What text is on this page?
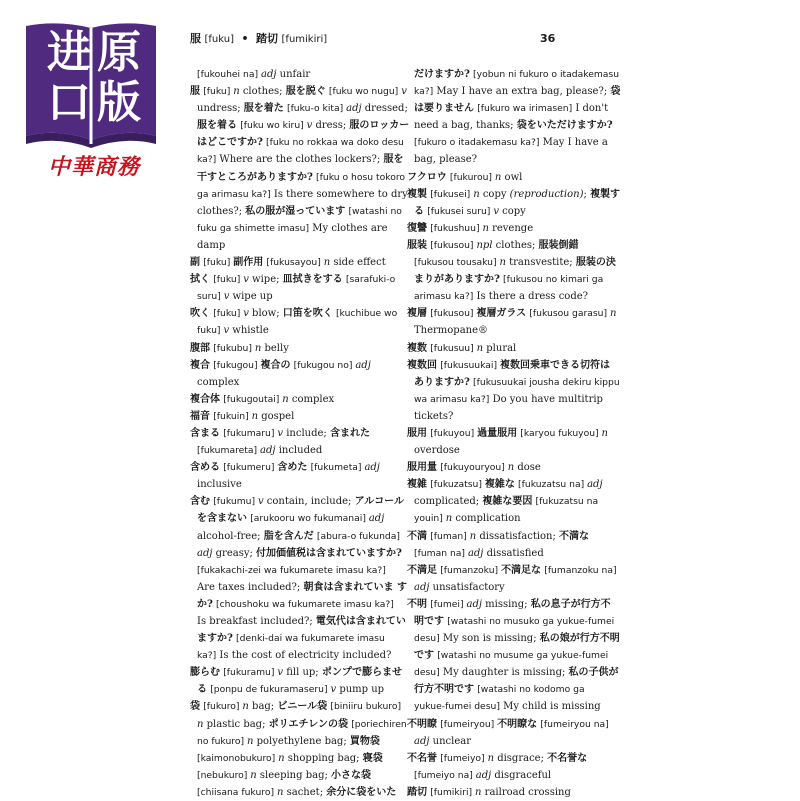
进 原
口 版
中華商務
服 [fuku] • 踏切 [fumikiri]	36
[fukouhei na] adj unfair
服 [fuku] n clothes; 服を脱ぐ [fuku wo nugu] v
undress; 服を着た [fuku-o kita] adj dressed;
服を着る [fuku wo kiru] v dress; 服のロッカー
はどこですか? [fuku no rokkaa wa doko desu
ka?] Where are the clothes lockers?; 服を
干すところがありますか? [fuku o hosu tokoro
ga arimasu ka?] Is there somewhere to dry
clothes?; 私の服が湿っています [watashi no
fuku ga shimette imasu] My clothes are
damp
副 [fuku] 副作用 [fukusayou] n side effect
拭く [fuku] v wipe; 皿拭きをする [sarafuki-o
suru] v wipe up
吹く [fuku] v blow; 口笛を吹く [kuchibue wo
fuku] v whistle
腹部 [fukubu] n belly
複合 [fukugou] 複合の [fukugou no] adj
complex
複合体 [fukugoutai] n complex
福音 [fukuin] n gospel
含まる [fukumaru] v include; 含まれた
[fukumareta] adj included
含める [fukumeru] 含めた [fukumeta] adj
inclusive
含む [fukumu] v contain, include; アルコール
を含まない [arukooru wo fukumanai] adj
alcohol-free; 脂を含んだ [abura-o fukunda]
adj greasy; 付加価値税は含まれていますか?
[fukakachi-zei wa fukumarete imasu ka?]
Are taxes included?; 朝食は含まれていま す
か? [choushoku wa fukumarete imasu ka?]
Is breakfast included?; 電気代は含まれてい
ますか? [denki-dai wa fukumarete imasu
ka?] Is the cost of electricity included?
膨らむ [fukuramu] v fill up; ポンプで膨らませ
る [ponpu de fukuramaseru] v pump up
袋 [fukuro] n bag; ビニール袋 [biniiru bukuro]
n plastic bag; ポリエチレンの袋 [poriechiren
no fukuro] n polyethylene bag; 買物袋
[kaimonobukuro] n shopping bag; 寝袋
[nebukuro] n sleeping bag; 小さな袋
[chiisana fukuro] n sachet; 余分に袋をいた
だけますか? [yobun ni fukuro o itadakemasu
ka?] May I have an extra bag, please?; 袋
は要りません [fukuro wa irimasen] I don't
need a bag, thanks; 袋をいただけますか?
[fukuro o itadakemasu ka?] May I have a
bag, please?
フクロウ [fukurou] n owl
複製 [fukusei] n copy (reproduction); 複製す
る [fukusei suru] v copy
復讐 [fukushuu] n revenge
服装 [fukusou] npl clothes; 服装倒錯
[fukusou tousaku] n transvestite; 服装の決
まりがありますか? [fukusou no kimari ga
arimasu ka?] Is there a dress code?
複層 [fukusou] 複層ガラス [fukusou garasu] n
Thermopane®
複数 [fukusuu] n plural
複数回 [fukusuukai] 複数回乗車できる切符は
ありますか? [fukusuukai jousha dekiru kippu
wa arimasu ka?] Do you have multitrip
tickets?
服用 [fukuyou] 過量服用 [karyou fukuyou] n
overdose
服用量 [fukuyouryou] n dose
複雑 [fukuzatsu] 複雑な [fukuzatsu na] adj
complicated; 複雑な要因 [fukuzatsu na
youin] n complication
不満 [fuman] n dissatisfaction; 不満な
[fuman na] adj dissatisfied
不満足 [fumanzoku] 不満足な [fumanzoku na]
adj unsatisfactory
不明 [fumei] adj missing; 私の息子が行方不
明です [watashi no musuko ga yukue-fumei
desu] My son is missing; 私の娘が行方不明
です [watashi no musume ga yukue-fumei
desu] My daughter is missing; 私の子供が
行方不明です [watashi no kodomo ga
yukue-fumei desu] My child is missing
不明瞭 [fumeiryou] 不明瞭な [fumeiryou na]
adj unclear
不名誉 [fumeiyo] n disgrace; 不名誉な
[fumeiyo na] adj disgraceful
踏切 [fumikiri] n railroad crossing
